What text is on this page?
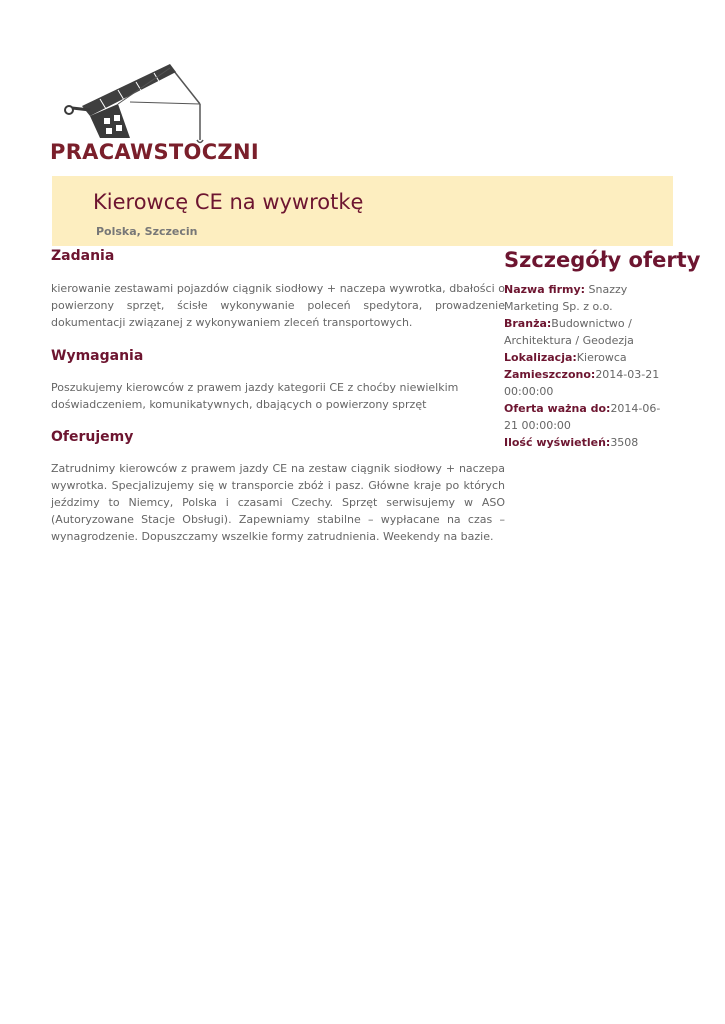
PRACAWSTOCZNI
Kierowcę CE na wywrotkę
Polska, Szczecin
Zadania

kierowanie zestawami pojazdów ciągnik siodłowy + naczepa wywrotka, dbałości o powierzony sprzęt, ścisłe wykonywanie poleceń spedytora, prowadzenie dokumentacji związanej z wykonywaniem zleceń transportowych.

Wymagania

Poszukujemy kierowców z prawem jazdy kategorii CE z choćby niewielkim doświadczeniem, komunikatywnych, dbających o powierzony sprzęt

Oferujemy

Zatrudnimy kierowców z prawem jazdy CE na zestaw ciągnik siodłowy + naczepa wywrotka. Specjalizujemy się w transporcie zbóż i pasz. Główne kraje po których jeździmy to Niemcy, Polska i czasami Czechy. Sprzęt serwisujemy w ASO (Autoryzowane Stacje Obsługi). Zapewniamy stabilne – wypłacane na czas – wynagrodzenie. Dopuszczamy wszelkie formy zatrudnienia. Weekendy na bazie.

Szczegóły oferty
Nazwa firmy: Snazzy Marketing Sp. z o.o.
Branża:Budownictwo / Architektura / Geodezja
Lokalizacja:Kierowca
Zamieszczono:2014-03-21 00:00:00
Oferta ważna do:2014-06-21 00:00:00
Ilość wyświetleń:3508
